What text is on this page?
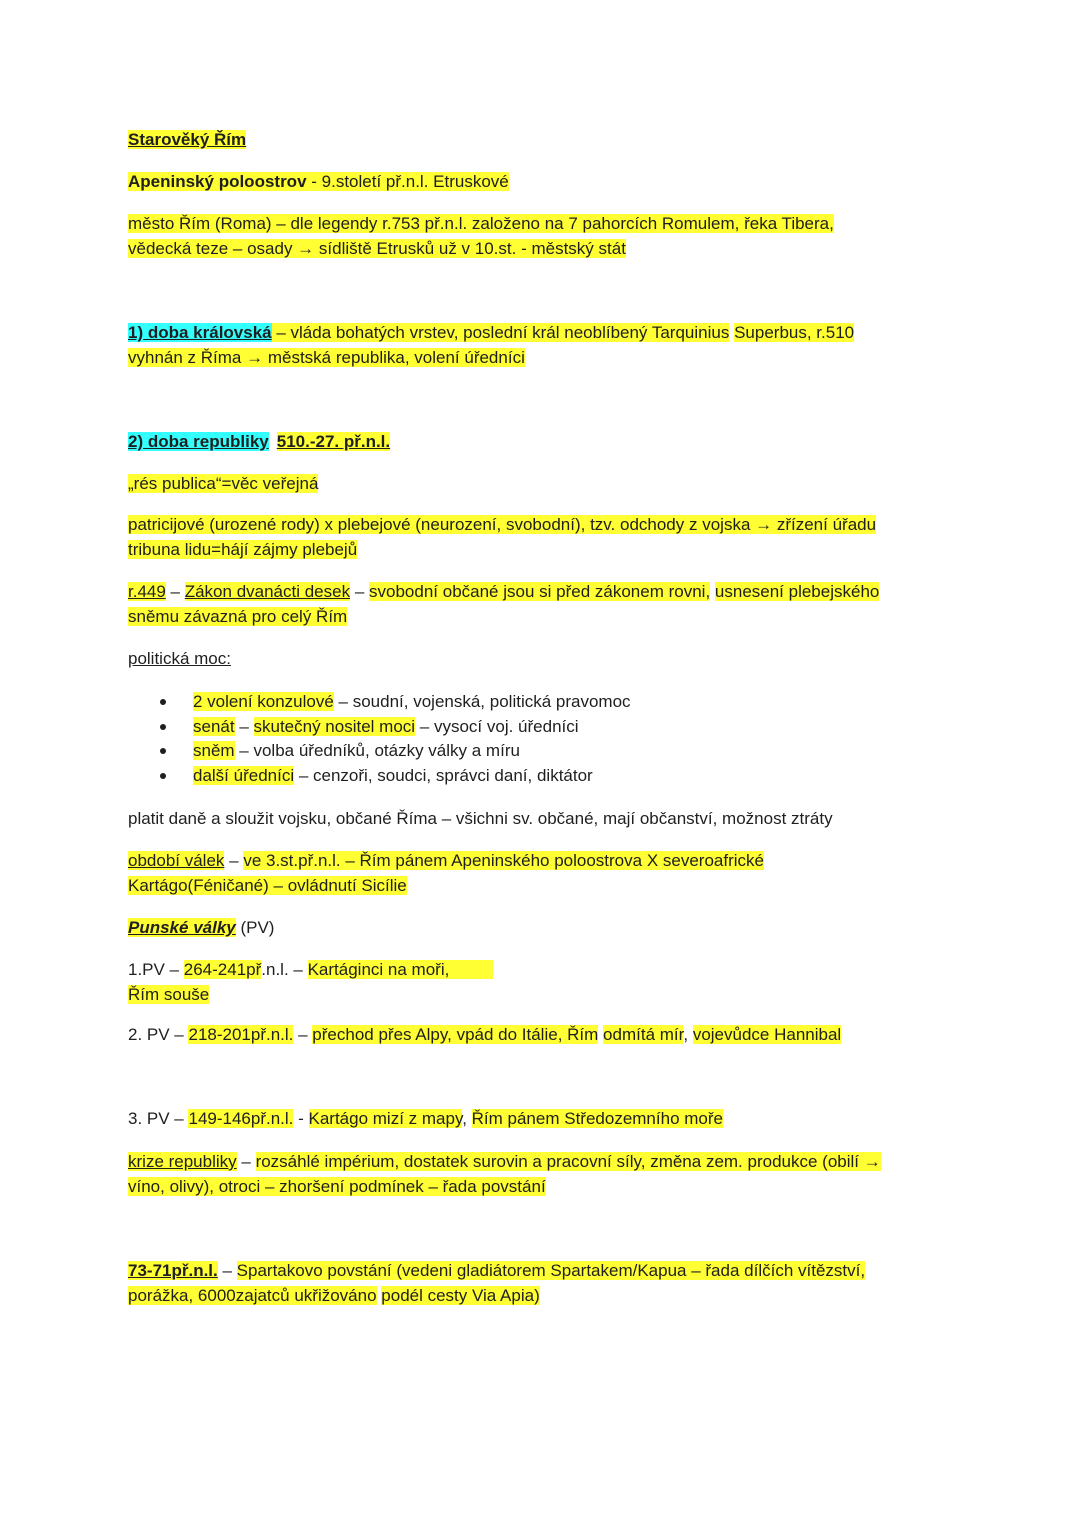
Starověký Řím

Apeninský poloostrov - 9.století př.n.l. Etruskové

město Řím (Roma) – dle legendy r.753 př.n.l. založeno na 7 pahorcích Romulem, řeka Tibera,
vědecká teze – osady → sídliště Etrusků už v 10.st. - městský stát

1) doba královská – vláda bohatých vrstev, poslední král neoblíbený Tarquinius Superbus, r.510
vyhnán z Říma → městská republika, volení úředníci

2) doba republiky 510.-27. př.n.l.

„rés publica“=věc veřejná

patricijové (urozené rody) x plebejové (neurození, svobodní), tzv. odchody z vojska → zřízení úřadu
tribuna lidu=hájí zájmy plebejů

r.449 – Zákon dvanácti desek – svobodní občané jsou si před zákonem rovni, usnesení plebejského
sněmu závazná pro celý Řím

politická moc:

2 volení konzulové – soudní, vojenská, politická pravomoc
senát – skutečný nositel moci – vysocí voj. úředníci
sněm – volba úředníků, otázky války a míru
další úředníci – cenzoři, soudci, správci daní, diktátor

platit daně a sloužit vojsku, občané Říma – všichni sv. občané, mají občanství, možnost ztráty

období válek – ve 3.st.př.n.l. – Řím pánem Apeninského poloostrova X severoafrické
Kartágo(Féničané) – ovládnutí Sicílie

Punské války (PV)

1.PV – 264-241př.n.l. – Kartáginci na moři,
Řím souše

2. PV – 218-201př.n.l. – přechod přes Alpy, vpád do Itálie, Řím odmítá mír, vojevůdce Hannibal

3. PV – 149-146př.n.l. - Kartágo mizí z mapy, Řím pánem Středozemního moře

krize republiky – rozsáhlé impérium, dostatek surovin a pracovní síly, změna zem. produkce (obilí →
víno, olivy), otroci – zhoršení podmínek – řada povstání

73-71př.n.l. – Spartakovo povstání (vedeni gladiátorem Spartakem/Kapua – řada dílčích vítězství,
porážka, 6000zajatců ukřižováno podél cesty Via Apia)
